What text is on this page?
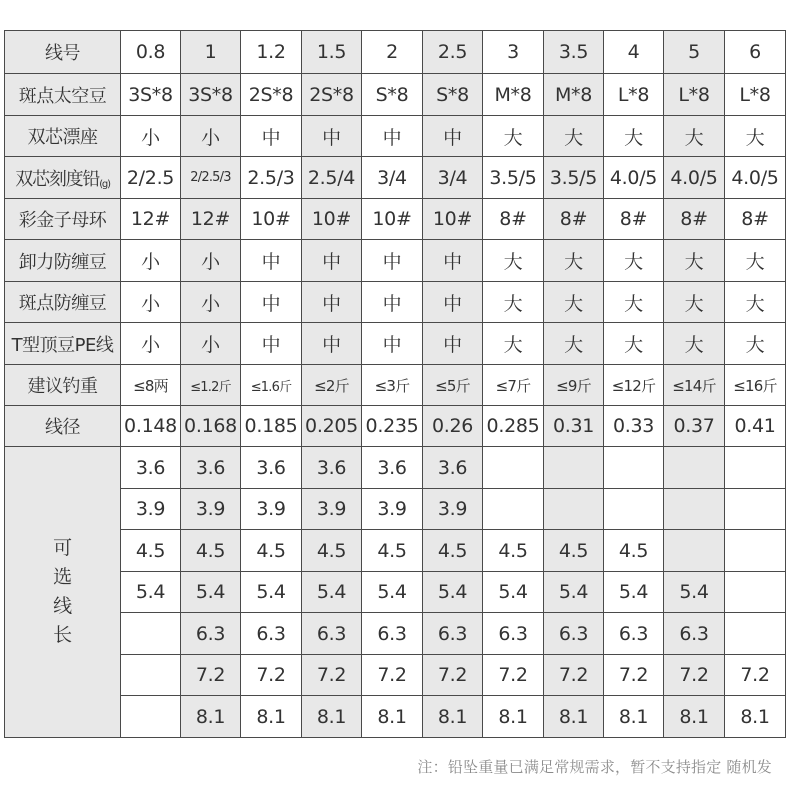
线号	0.8	1	1.2	1.5	2	2.5	3	3.5	4	5	6
斑点太空豆	3S*8	3S*8	2S*8	2S*8	S*8	S*8	M*8	M*8	L*8	L*8	L*8
双芯漂座	小	小	中	中	中	中	大	大	大	大	大
双芯刻度铅$_{(g)}$	2/2.5	2/2.5/3	2.5/3	2.5/4	3/4	3/4	3.5/5	3.5/5	4.0/5	4.0/5	4.0/5
彩金子母环	12#	12#	10#	10#	10#	10#	8#	8#	8#	8#	8#
卸力防缠豆	小	小	中	中	中	中	大	大	大	大	大
斑点防缠豆	小	小	中	中	中	中	大	大	大	大	大
T型顶豆PE线	小	小	中	中	中	中	大	大	大	大	大
建议钓重	≤8两	≤1.2斤	≤1.6斤	≤2斤	≤3斤	≤5斤	≤7斤	≤9斤	≤12斤	≤14斤	≤16斤
线径	0.148	0.168	0.185	0.205	0.235	0.26	0.285	0.31	0.33	0.37	0.41
可选线长	3.6	3.6	3.6	3.6	3.6	3.6					
	3.9	3.9	3.9	3.9	3.9	3.9					
	4.5	4.5	4.5	4.5	4.5	4.5	4.5	4.5	4.5		
	5.4	5.4	5.4	5.4	5.4	5.4	5.4	5.4	5.4	5.4	
		6.3	6.3	6.3	6.3	6.3	6.3	6.3	6.3	6.3	
		7.2	7.2	7.2	7.2	7.2	7.2	7.2	7.2	7.2	7.2
		8.1	8.1	8.1	8.1	8.1	8.1	8.1	8.1	8.1	8.1
注：铅坠重量已满足常规需求，暂不支持指定 随机发
